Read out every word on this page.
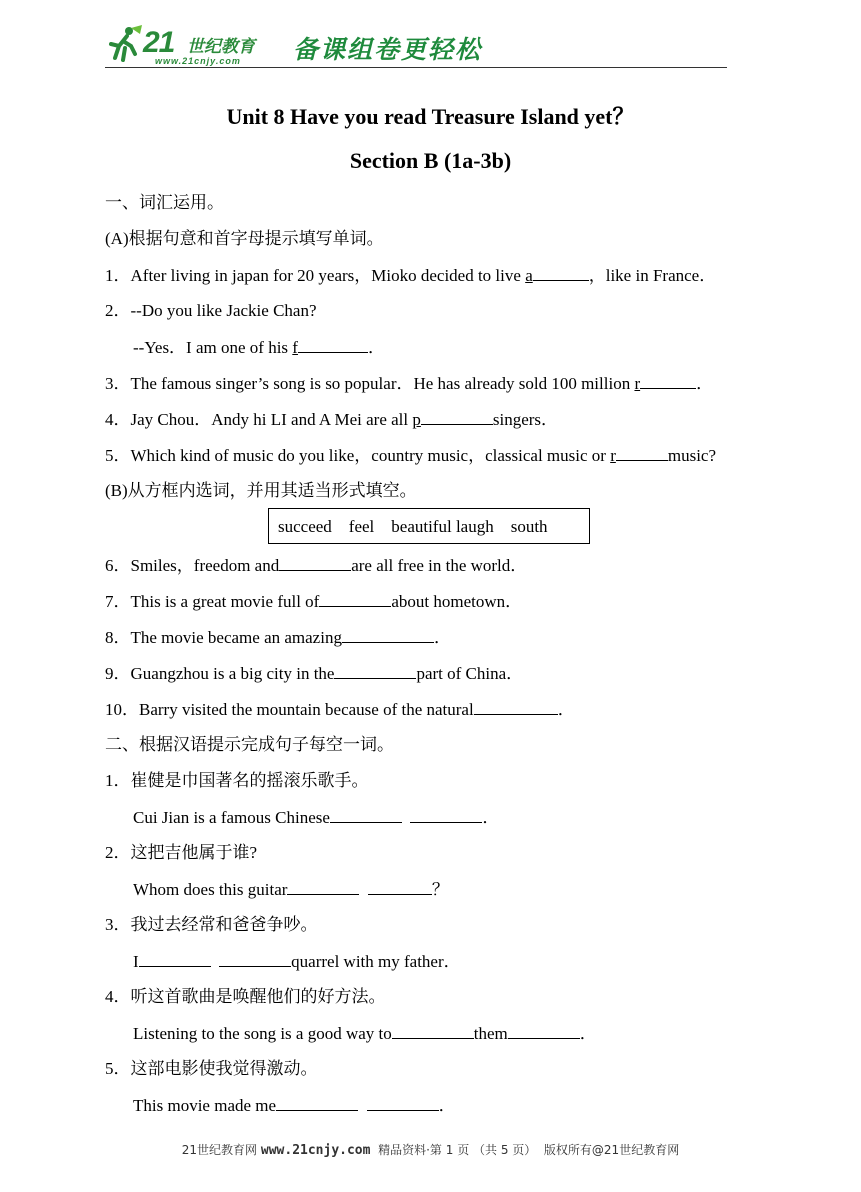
21 世纪教育
www.21cnjy.com 备课组卷更轻松
Unit 8 Have you read Treasure Island yet？
Section B (1a-3b)
一、词汇运用。
(A)根据句意和首字母提示填写单词。
1．After living in japan for 20 years，Mioko decided to live a	，like in France．
2．--Do you like Jackie Chan?
--Yes．I am one of his f	．
3．The famous singer’s song is so popular．He has already sold 100 million r	．
4．Jay Chou．Andy hi LI and A Mei are all p	singers．
5．Which kind of music do you like，country music，classical music or r	music?
(B)从方框内选词，并用其适当形式填空。
succeed    feel    beautiful laugh    south
6．Smiles，freedom and	are all free in the world．
7．This is a great movie full of	about hometown．
8．The movie became an amazing	．
9．Guangzhou is a big city in the	part of China．
10．Barry visited the mountain because of the natural	．
二、根据汉语提示完成句子每空一词。
1．崔健是巾国著名的摇滚乐歌手。
Cui Jian is a famous Chinese	．
2．这把吉他属于谁?
Whom does this guitar	？
3．我过去经常和爸爸争吵。
I	quarrel with my father．
4．听这首歌曲是唤醒他们的好方法。
Listening to the song is a good way to	them	．
5．这部电影使我觉得激动。
This movie made me	．
21世纪教育网 www.21cnjy.com 精品资料·第 1 页 （共 5 页） 版权所有@21世纪教育网
